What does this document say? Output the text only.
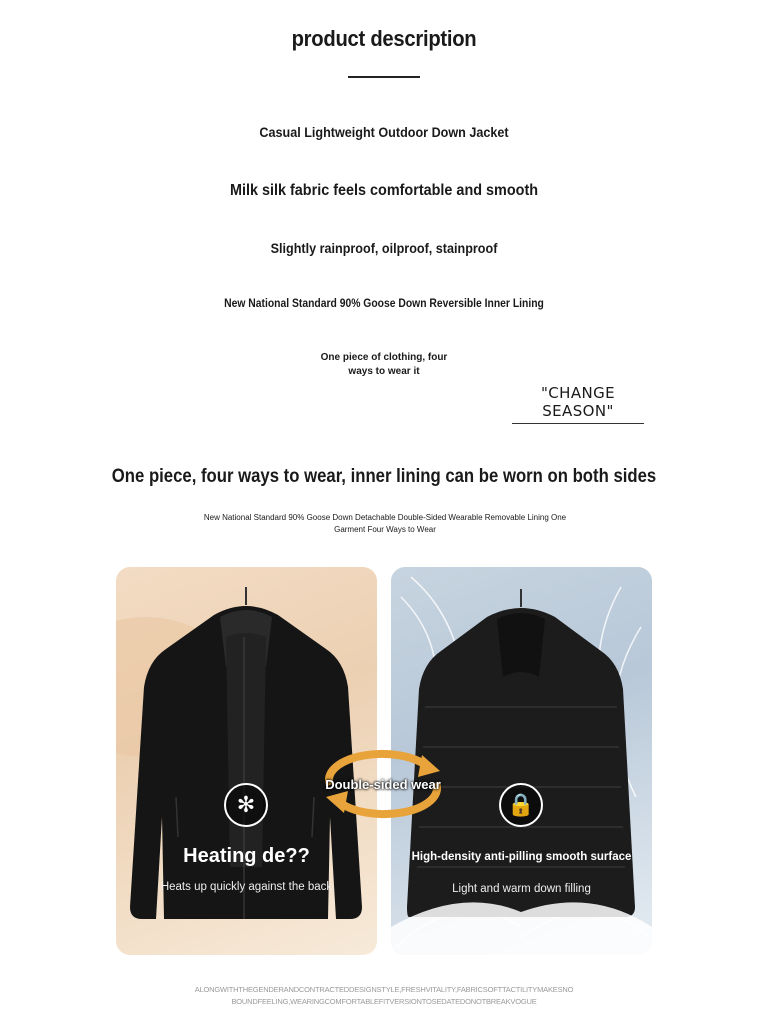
product description
Casual Lightweight Outdoor Down Jacket
Milk silk fabric feels comfortable and smooth
Slightly rainproof, oilproof, stainproof
New National Standard 90% Goose Down Reversible Inner Lining
One piece of clothing, four
ways to wear it
"CHANGE SEASON"
One piece, four ways to wear, inner lining can be worn on both sides
New National Standard 90% Goose Down Detachable Double-Sided Wearable Removable Lining One Garment Four Ways to Wear
✻
Heating de??
Heats up quickly against the back
🔒
High-density anti-pilling smooth surface
Light and warm down filling
Double-sided wear
ALONGWITHTHEGENDERANDCONTRACTEDDESIGNSTYLE,FRESHVITALITY,FABRICSOFTTACTILITYMAKESNO
BOUNDFEELING,WEARINGCOMFORTABLEFITVERSIONTOSEDATEDONOTBREAKVOGUE
